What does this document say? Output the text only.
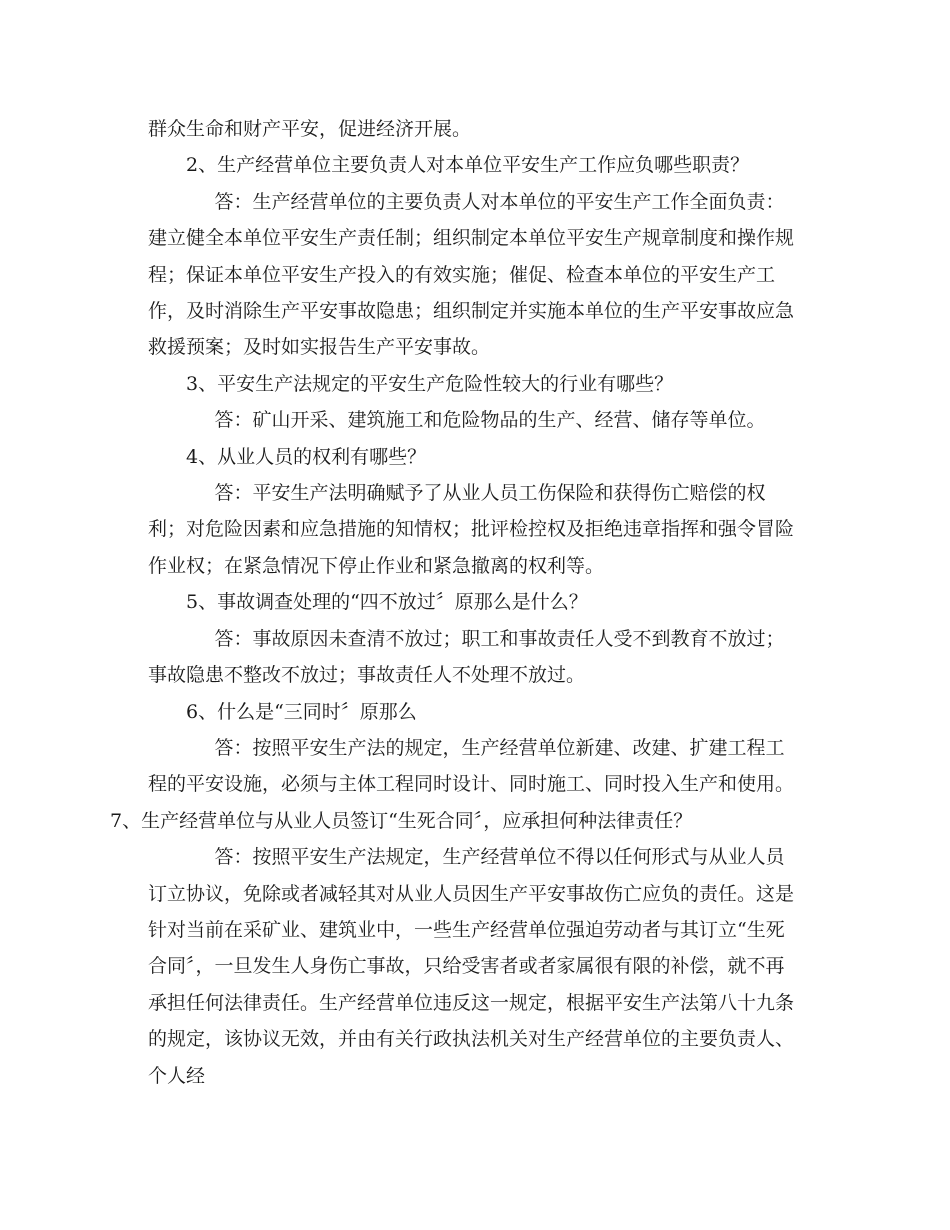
群众生命和财产平安，促进经济开展。

2、生产经营单位主要负责人对本单位平安生产工作应负哪些职责？

答：生产经营单位的主要负责人对本单位的平安生产工作全面负责：建立健全本单位平安生产责任制；组织制定本单位平安生产规章制度和操作规程；保证本单位平安生产投入的有效实施；催促、检查本单位的平安生产工作，及时消除生产平安事故隐患；组织制定并实施本单位的生产平安事故应急救援预案；及时如实报告生产平安事故。

3、平安生产法规定的平安生产危险性较大的行业有哪些？

答：矿山开采、建筑施工和危险物品的生产、经营、储存等单位。

4、从业人员的权利有哪些？

答：平安生产法明确赋予了从业人员工伤保险和获得伤亡赔偿的权利；对危险因素和应急措施的知情权；批评检控权及拒绝违章指挥和强令冒险作业权；在紧急情况下停止作业和紧急撤离的权利等。

5、事故调查处理的“四不放过〞原那么是什么？

答：事故原因未查清不放过；职工和事故责任人受不到教育不放过；事故隐患不整改不放过；事故责任人不处理不放过。

6、什么是“三同时〞原那么

答：按照平安生产法的规定，生产经营单位新建、改建、扩建工程工程的平安设施，必须与主体工程同时设计、同时施工、同时投入生产和使用。

7、生产经营单位与从业人员签订“生死合同〞，应承担何种法律责任？

答：按照平安生产法规定，生产经营单位不得以任何形式与从业人员订立协议，免除或者减轻其对从业人员因生产平安事故伤亡应负的责任。这是针对当前在采矿业、建筑业中，一些生产经营单位强迫劳动者与其订立“生死合同〞，一旦发生人身伤亡事故，只给受害者或者家属很有限的补偿，就不再承担任何法律责任。生产经营单位违反这一规定，根据平安生产法第八十九条的规定，该协议无效，并由有关行政执法机关对生产经营单位的主要负责人、个人经
